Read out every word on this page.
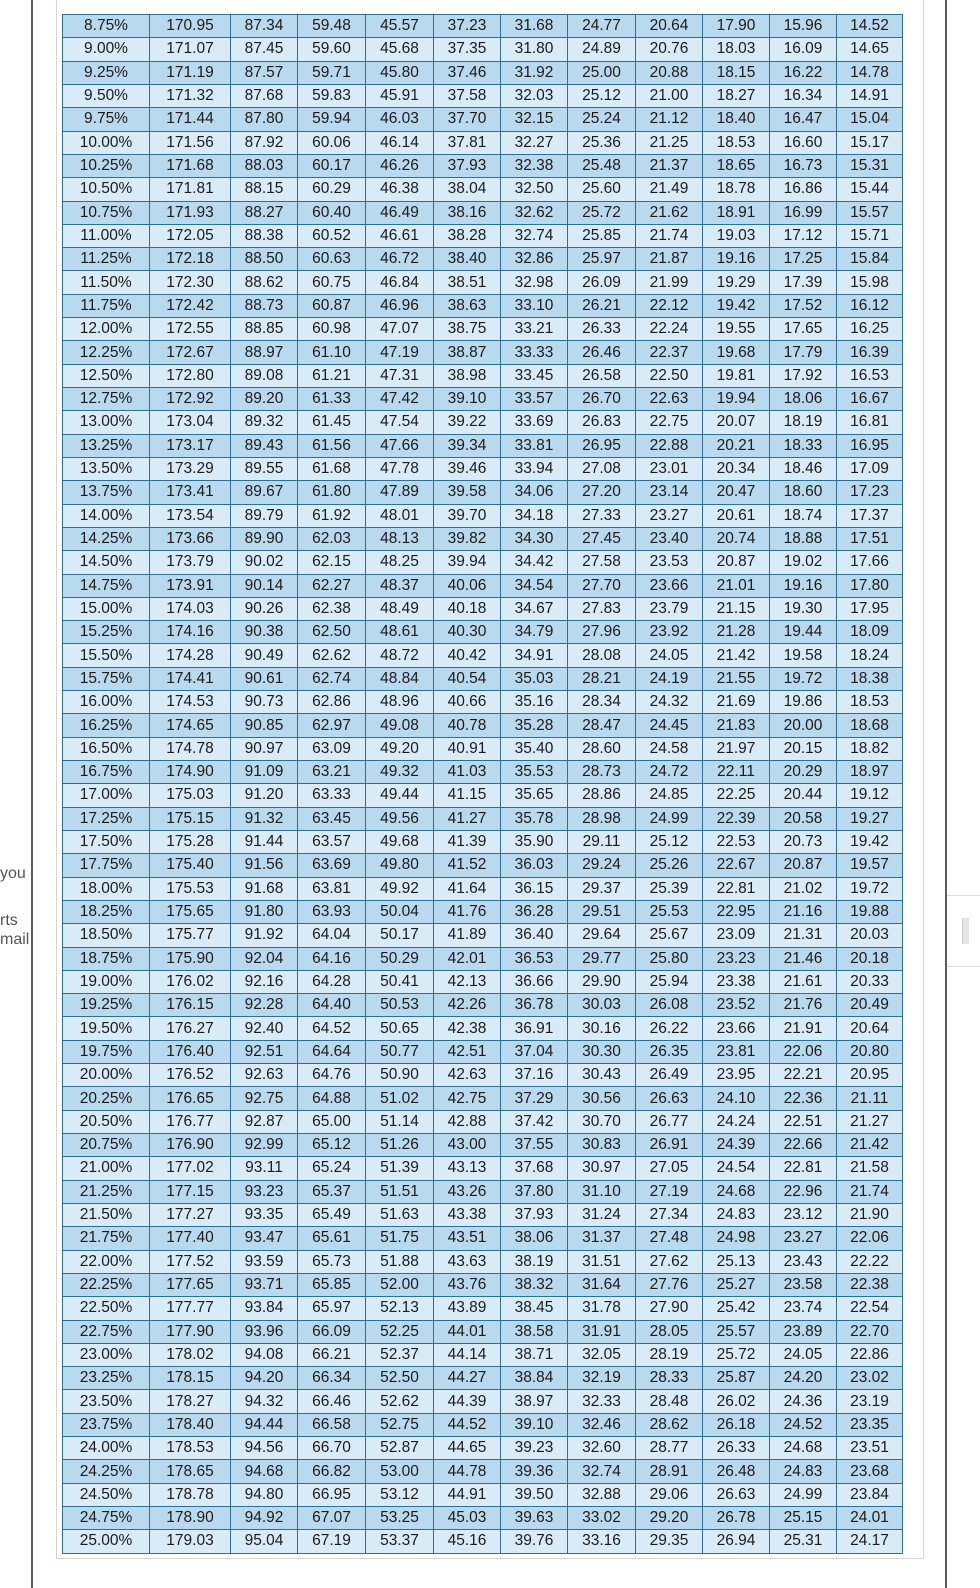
you
rts
mail
8.75%	170.95	87.34	59.48	45.57	37.23	31.68	24.77	20.64	17.90	15.96	14.52
9.00%	171.07	87.45	59.60	45.68	37.35	31.80	24.89	20.76	18.03	16.09	14.65
9.25%	171.19	87.57	59.71	45.80	37.46	31.92	25.00	20.88	18.15	16.22	14.78
9.50%	171.32	87.68	59.83	45.91	37.58	32.03	25.12	21.00	18.27	16.34	14.91
9.75%	171.44	87.80	59.94	46.03	37.70	32.15	25.24	21.12	18.40	16.47	15.04
10.00%	171.56	87.92	60.06	46.14	37.81	32.27	25.36	21.25	18.53	16.60	15.17
10.25%	171.68	88.03	60.17	46.26	37.93	32.38	25.48	21.37	18.65	16.73	15.31
10.50%	171.81	88.15	60.29	46.38	38.04	32.50	25.60	21.49	18.78	16.86	15.44
10.75%	171.93	88.27	60.40	46.49	38.16	32.62	25.72	21.62	18.91	16.99	15.57
11.00%	172.05	88.38	60.52	46.61	38.28	32.74	25.85	21.74	19.03	17.12	15.71
11.25%	172.18	88.50	60.63	46.72	38.40	32.86	25.97	21.87	19.16	17.25	15.84
11.50%	172.30	88.62	60.75	46.84	38.51	32.98	26.09	21.99	19.29	17.39	15.98
11.75%	172.42	88.73	60.87	46.96	38.63	33.10	26.21	22.12	19.42	17.52	16.12
12.00%	172.55	88.85	60.98	47.07	38.75	33.21	26.33	22.24	19.55	17.65	16.25
12.25%	172.67	88.97	61.10	47.19	38.87	33.33	26.46	22.37	19.68	17.79	16.39
12.50%	172.80	89.08	61.21	47.31	38.98	33.45	26.58	22.50	19.81	17.92	16.53
12.75%	172.92	89.20	61.33	47.42	39.10	33.57	26.70	22.63	19.94	18.06	16.67
13.00%	173.04	89.32	61.45	47.54	39.22	33.69	26.83	22.75	20.07	18.19	16.81
13.25%	173.17	89.43	61.56	47.66	39.34	33.81	26.95	22.88	20.21	18.33	16.95
13.50%	173.29	89.55	61.68	47.78	39.46	33.94	27.08	23.01	20.34	18.46	17.09
13.75%	173.41	89.67	61.80	47.89	39.58	34.06	27.20	23.14	20.47	18.60	17.23
14.00%	173.54	89.79	61.92	48.01	39.70	34.18	27.33	23.27	20.61	18.74	17.37
14.25%	173.66	89.90	62.03	48.13	39.82	34.30	27.45	23.40	20.74	18.88	17.51
14.50%	173.79	90.02	62.15	48.25	39.94	34.42	27.58	23.53	20.87	19.02	17.66
14.75%	173.91	90.14	62.27	48.37	40.06	34.54	27.70	23.66	21.01	19.16	17.80
15.00%	174.03	90.26	62.38	48.49	40.18	34.67	27.83	23.79	21.15	19.30	17.95
15.25%	174.16	90.38	62.50	48.61	40.30	34.79	27.96	23.92	21.28	19.44	18.09
15.50%	174.28	90.49	62.62	48.72	40.42	34.91	28.08	24.05	21.42	19.58	18.24
15.75%	174.41	90.61	62.74	48.84	40.54	35.03	28.21	24.19	21.55	19.72	18.38
16.00%	174.53	90.73	62.86	48.96	40.66	35.16	28.34	24.32	21.69	19.86	18.53
16.25%	174.65	90.85	62.97	49.08	40.78	35.28	28.47	24.45	21.83	20.00	18.68
16.50%	174.78	90.97	63.09	49.20	40.91	35.40	28.60	24.58	21.97	20.15	18.82
16.75%	174.90	91.09	63.21	49.32	41.03	35.53	28.73	24.72	22.11	20.29	18.97
17.00%	175.03	91.20	63.33	49.44	41.15	35.65	28.86	24.85	22.25	20.44	19.12
17.25%	175.15	91.32	63.45	49.56	41.27	35.78	28.98	24.99	22.39	20.58	19.27
17.50%	175.28	91.44	63.57	49.68	41.39	35.90	29.11	25.12	22.53	20.73	19.42
17.75%	175.40	91.56	63.69	49.80	41.52	36.03	29.24	25.26	22.67	20.87	19.57
18.00%	175.53	91.68	63.81	49.92	41.64	36.15	29.37	25.39	22.81	21.02	19.72
18.25%	175.65	91.80	63.93	50.04	41.76	36.28	29.51	25.53	22.95	21.16	19.88
18.50%	175.77	91.92	64.04	50.17	41.89	36.40	29.64	25.67	23.09	21.31	20.03
18.75%	175.90	92.04	64.16	50.29	42.01	36.53	29.77	25.80	23.23	21.46	20.18
19.00%	176.02	92.16	64.28	50.41	42.13	36.66	29.90	25.94	23.38	21.61	20.33
19.25%	176.15	92.28	64.40	50.53	42.26	36.78	30.03	26.08	23.52	21.76	20.49
19.50%	176.27	92.40	64.52	50.65	42.38	36.91	30.16	26.22	23.66	21.91	20.64
19.75%	176.40	92.51	64.64	50.77	42.51	37.04	30.30	26.35	23.81	22.06	20.80
20.00%	176.52	92.63	64.76	50.90	42.63	37.16	30.43	26.49	23.95	22.21	20.95
20.25%	176.65	92.75	64.88	51.02	42.75	37.29	30.56	26.63	24.10	22.36	21.11
20.50%	176.77	92.87	65.00	51.14	42.88	37.42	30.70	26.77	24.24	22.51	21.27
20.75%	176.90	92.99	65.12	51.26	43.00	37.55	30.83	26.91	24.39	22.66	21.42
21.00%	177.02	93.11	65.24	51.39	43.13	37.68	30.97	27.05	24.54	22.81	21.58
21.25%	177.15	93.23	65.37	51.51	43.26	37.80	31.10	27.19	24.68	22.96	21.74
21.50%	177.27	93.35	65.49	51.63	43.38	37.93	31.24	27.34	24.83	23.12	21.90
21.75%	177.40	93.47	65.61	51.75	43.51	38.06	31.37	27.48	24.98	23.27	22.06
22.00%	177.52	93.59	65.73	51.88	43.63	38.19	31.51	27.62	25.13	23.43	22.22
22.25%	177.65	93.71	65.85	52.00	43.76	38.32	31.64	27.76	25.27	23.58	22.38
22.50%	177.77	93.84	65.97	52.13	43.89	38.45	31.78	27.90	25.42	23.74	22.54
22.75%	177.90	93.96	66.09	52.25	44.01	38.58	31.91	28.05	25.57	23.89	22.70
23.00%	178.02	94.08	66.21	52.37	44.14	38.71	32.05	28.19	25.72	24.05	22.86
23.25%	178.15	94.20	66.34	52.50	44.27	38.84	32.19	28.33	25.87	24.20	23.02
23.50%	178.27	94.32	66.46	52.62	44.39	38.97	32.33	28.48	26.02	24.36	23.19
23.75%	178.40	94.44	66.58	52.75	44.52	39.10	32.46	28.62	26.18	24.52	23.35
24.00%	178.53	94.56	66.70	52.87	44.65	39.23	32.60	28.77	26.33	24.68	23.51
24.25%	178.65	94.68	66.82	53.00	44.78	39.36	32.74	28.91	26.48	24.83	23.68
24.50%	178.78	94.80	66.95	53.12	44.91	39.50	32.88	29.06	26.63	24.99	23.84
24.75%	178.90	94.92	67.07	53.25	45.03	39.63	33.02	29.20	26.78	25.15	24.01
25.00%	179.03	95.04	67.19	53.37	45.16	39.76	33.16	29.35	26.94	25.31	24.17
